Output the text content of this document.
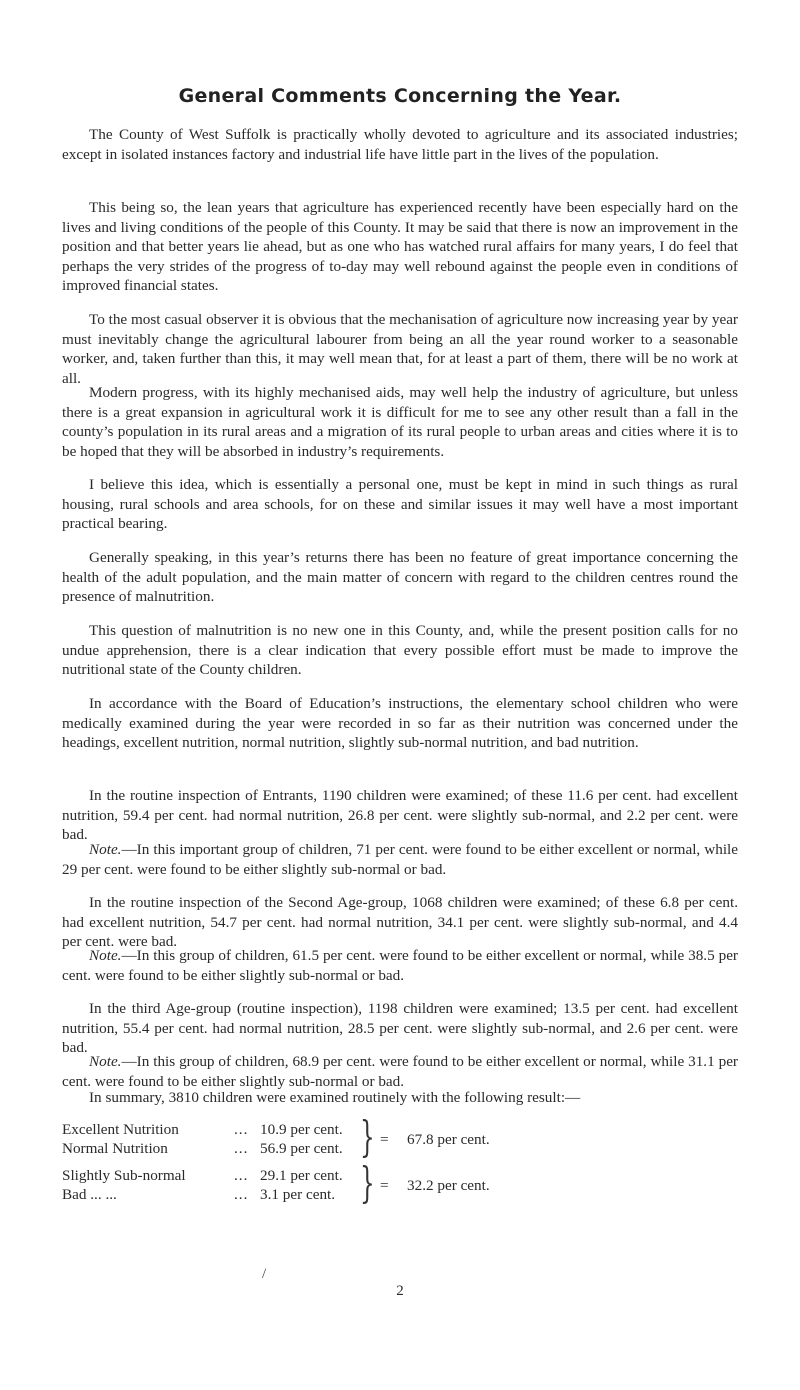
General Comments Concerning the Year.

The County of West Suffolk is practically wholly devoted to agriculture and its associated industries; except in isolated instances factory and industrial life have little part in the lives of the population.

This being so, the lean years that agriculture has experienced recently have been especially hard on the lives and living conditions of the people of this County. It may be said that there is now an improvement in the position and that better years lie ahead, but as one who has watched rural affairs for many years, I do feel that perhaps the very strides of the progress of to-day may well rebound against the people even in conditions of improved financial states.

To the most casual observer it is obvious that the mechanisation of agriculture now increasing year by year must inevitably change the agricultural labourer from being an all the year round worker to a seasonable worker, and, taken further than this, it may well mean that, for at least a part of them, there will be no work at all.

Modern progress, with its highly mechanised aids, may well help the industry of agriculture, but unless there is a great expansion in agricultural work it is difficult for me to see any other result than a fall in the county’s population in its rural areas and a migration of its rural people to urban areas and cities where it is to be hoped that they will be absorbed in industry’s requirements.

I believe this idea, which is essentially a personal one, must be kept in mind in such things as rural housing, rural schools and area schools, for on these and similar issues it may well have a most important practical bearing.

Generally speaking, in this year’s returns there has been no feature of great importance concerning the health of the adult population, and the main matter of concern with regard to the children centres round the presence of malnutrition.

This question of malnutrition is no new one in this County, and, while the present position calls for no undue apprehension, there is a clear indication that every possible effort must be made to improve the nutritional state of the County children.

In accordance with the Board of Education’s instructions, the elementary school children who were medically examined during the year were recorded in so far as their nutrition was concerned under the headings, excellent nutrition, normal nutrition, slightly sub-normal nutrition, and bad nutrition.

In the routine inspection of Entrants, 1190 children were examined; of these 11.6 per cent. had excellent nutrition, 59.4 per cent. had normal nutrition, 26.8 per cent. were slightly sub-normal, and 2.2 per cent. were bad.

Note.—In this important group of children, 71 per cent. were found to be either excellent or normal, while 29 per cent. were found to be either slightly sub-normal or bad.

In the routine inspection of the Second Age-group, 1068 children were examined; of these 6.8 per cent. had excellent nutrition, 54.7 per cent. had normal nutrition, 34.1 per cent. were slightly sub-normal, and 4.4 per cent. were bad.

Note.—In this group of children, 61.5 per cent. were found to be either excellent or normal, while 38.5 per cent. were found to be either slightly sub-normal or bad.

In the third Age-group (routine inspection), 1198 children were examined; 13.5 per cent. had excellent nutrition, 55.4 per cent. had normal nutrition, 28.5 per cent. were slightly sub-normal, and 2.6 per cent. were bad.

Note.—In this group of children, 68.9 per cent. were found to be either excellent or normal, while 31.1 per cent. were found to be either slightly sub-normal or bad.

In summary, 3810 children were examined routinely with the following result:—

Excellent Nutrition	... 10.9 per cent.
Normal Nutrition	... 56.9 per cent. } = 67.8 per cent.
Slightly Sub-normal	... 29.1 per cent.
Bad ... ...	... 3.1 per cent. } = 32.2 per cent.
/
2
